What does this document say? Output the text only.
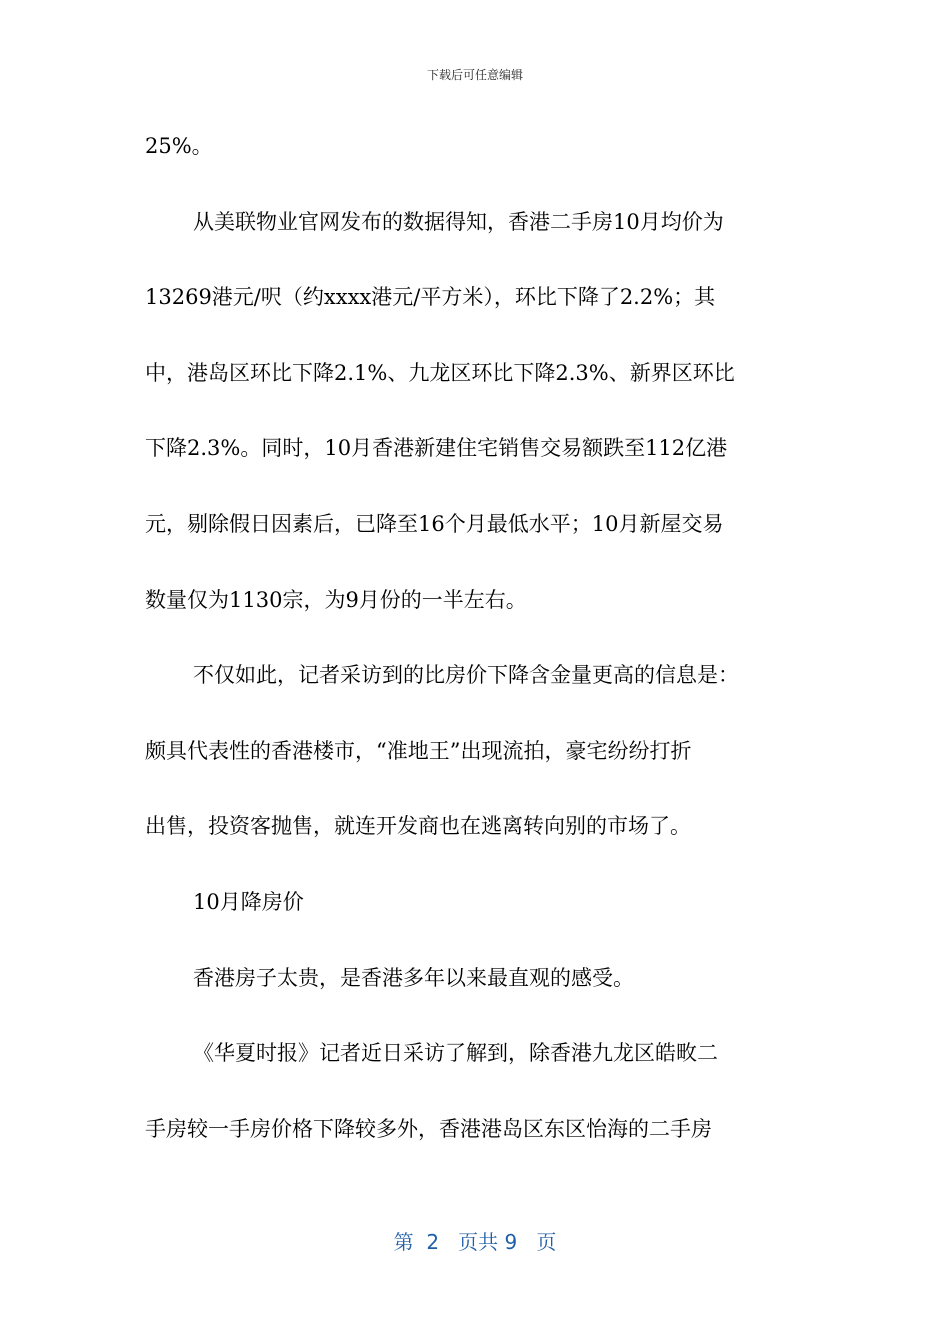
下载后可任意编辑
25%。
从美联物业官网发布的数据得知，香港二手房10月均价为
13269港元/呎（约xxxx港元/平方米），环比下降了2.2%；其
中，港岛区环比下降2.1%、九龙区环比下降2.3%、新界区环比
下降2.3%。同时，10月香港新建住宅销售交易额跌至112亿港
元，剔除假日因素后，已降至16个月最低水平；10月新屋交易
数量仅为1130宗，为9月份的一半左右。
不仅如此，记者采访到的比房价下降含金量更高的信息是：
颇具代表性的香港楼市，“准地王”出现流拍，豪宅纷纷打折
出售，投资客抛售，就连开发商也在逃离转向别的市场了。
10月降房价
香港房子太贵，是香港多年以来最直观的感受。
《华夏时报》记者近日采访了解到，除香港九龙区皓畋二
手房较一手房价格下降较多外，香港港岛区东区怡海的二手房
第  2   页共 9   页
